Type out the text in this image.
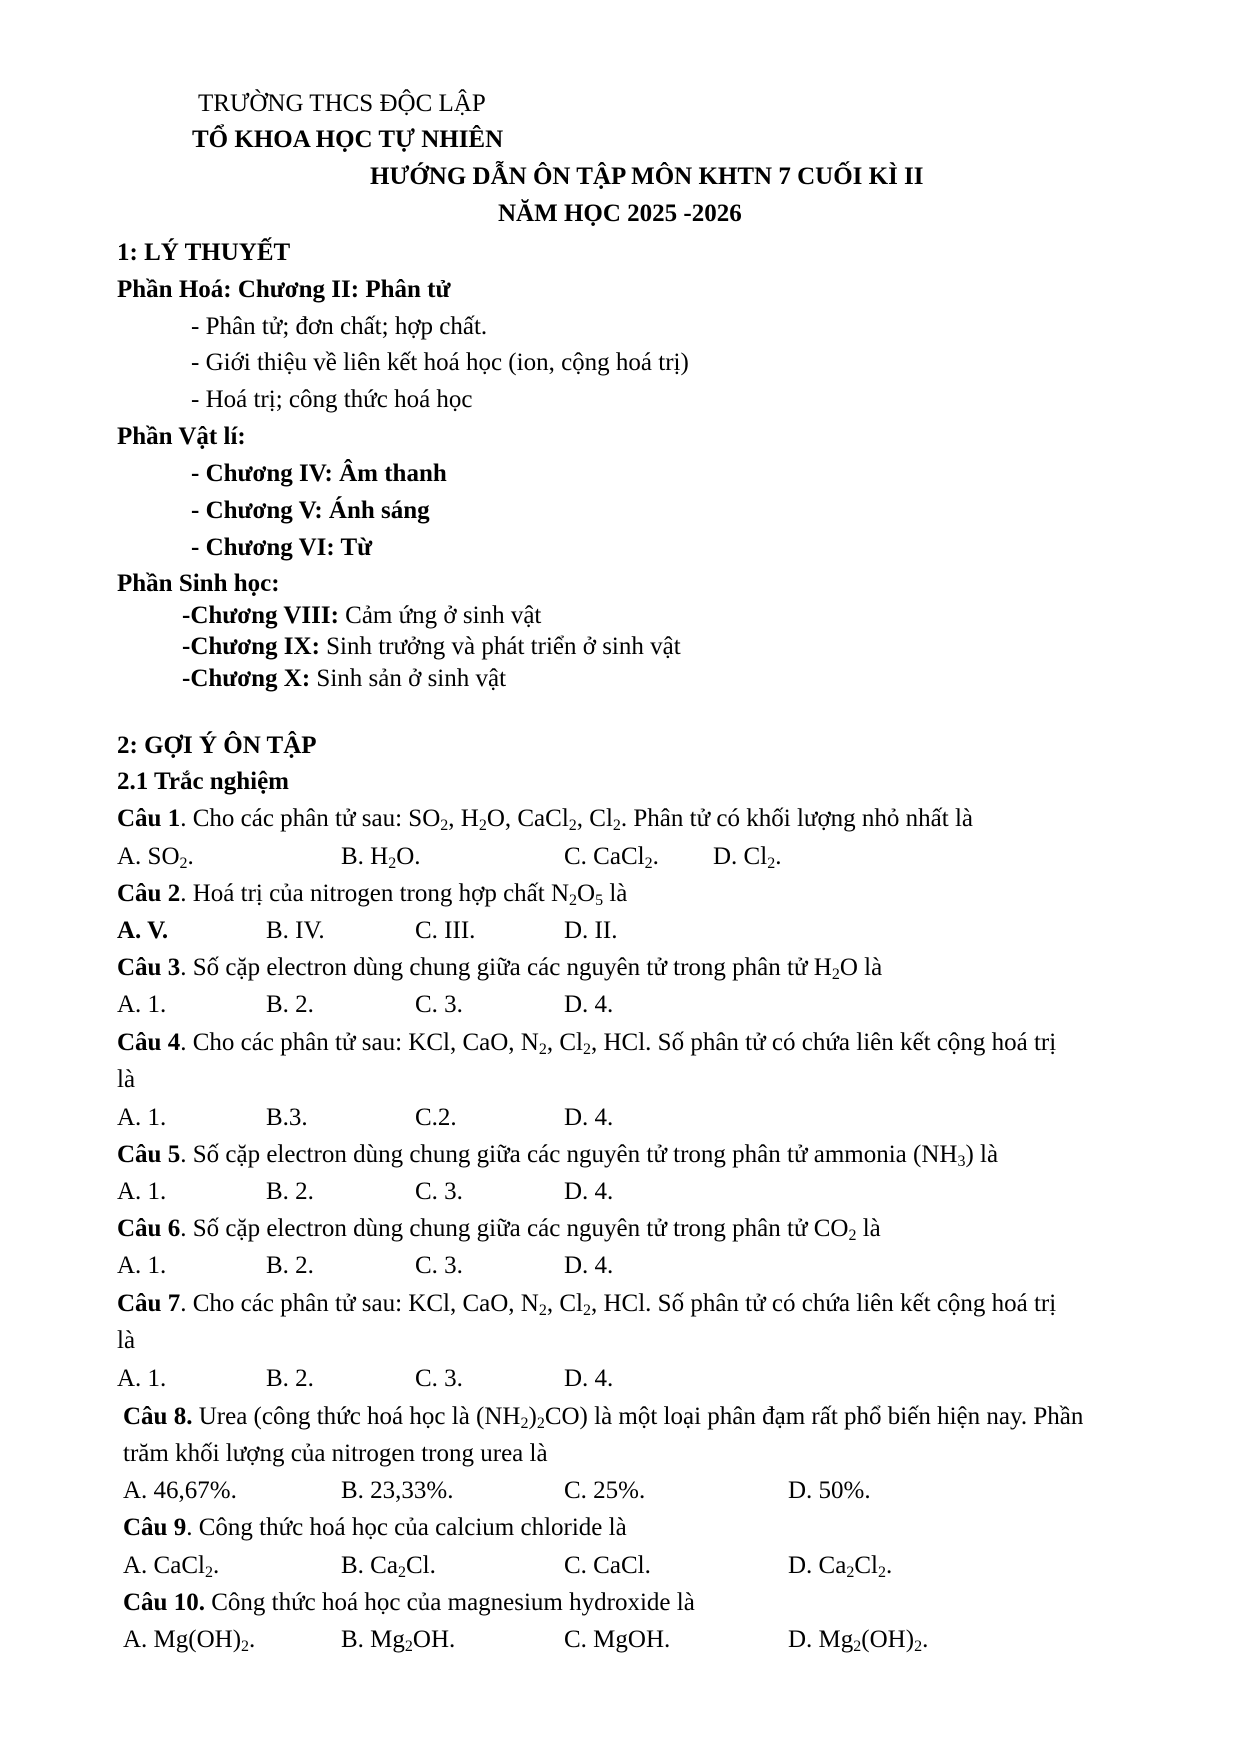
TRƯỜNG THCS ĐỘC LẬP
TỔ KHOA HỌC TỰ NHIÊN
HƯỚNG DẪN ÔN TẬP MÔN KHTN 7 CUỐI KÌ II
NĂM HỌC 2025 -2026
1: LÝ THUYẾT
Phần Hoá: Chương II: Phân tử
- Phân tử; đơn chất; hợp chất.
- Giới thiệu về liên kết hoá học (ion, cộng hoá trị)
- Hoá trị; công thức hoá học
Phần Vật lí:
- Chương IV: Âm thanh
- Chương V: Ánh sáng
- Chương VI: Từ
Phần Sinh học:
-Chương VIII: Cảm ứng ở sinh vật
-Chương IX: Sinh trưởng và phát triển ở sinh vật
-Chương X: Sinh sản ở sinh vật
2: GỢI Ý ÔN TẬP
2.1 Trắc nghiệm
Câu 1. Cho các phân tử sau: $SO_2$, $H_2O$, CaCl$_2$, $Cl_2$. Phân tử có khối lượng nhỏ nhất là
A. $SO_2$.	B. $H_2O$.	C. CaCl$_2$. D. $Cl_2$.
Câu 2. Hoá trị của nitrogen trong hợp chất $N_2O_5$ là
A. V.	B. IV.	C. III.	D. II.
Câu 3. Số cặp electron dùng chung giữa các nguyên tử trong phân tử $H_2O$ là
A. 1.	B. 2.	C. 3.	D. 4.
Câu 4. Cho các phân tử sau: KCl, CaO, $N_2$, $Cl_2$, HCl. Số phân tử có chứa liên kết cộng hoá trị
là
A. 1.	B.3.	C.2.	D. 4.
Câu 5. Số cặp electron dùng chung giữa các nguyên tử trong phân tử ammonia $(NH_3)$ là
A. 1.	B. 2.	C. 3.	D. 4.
Câu 6. Số cặp electron dùng chung giữa các nguyên tử trong phân tử $CO_2$ là
A. 1.	B. 2.	C. 3.	D. 4.
Câu 7. Cho các phân tử sau: KCl, CaO, $N_2$, $Cl_2$, HCl. Số phân tử có chứa liên kết cộng hoá trị
là
A. 1.	B. 2.	C. 3.	D. 4.
Câu 8. Urea (công thức hoá học là $(NH_2)_2CO$) là một loại phân đạm rất phổ biến hiện nay. Phần
trăm khối lượng của nitrogen trong urea là
A. 46,67%.	B. 23,33%.	C. 25%.	D. 50%.
Câu 9. Công thức hoá học của calcium chloride là
A. CaCl$_2$.	B. $Ca_2Cl$.	C. CaCl.	D. $Ca_2Cl_2$.
Câu 10. Công thức hoá học của magnesium hydroxide là
A. $Mg(OH)_2$.	B. $Mg_2OH$.	C. MgOH.	D. $Mg_2(OH)_2$.
